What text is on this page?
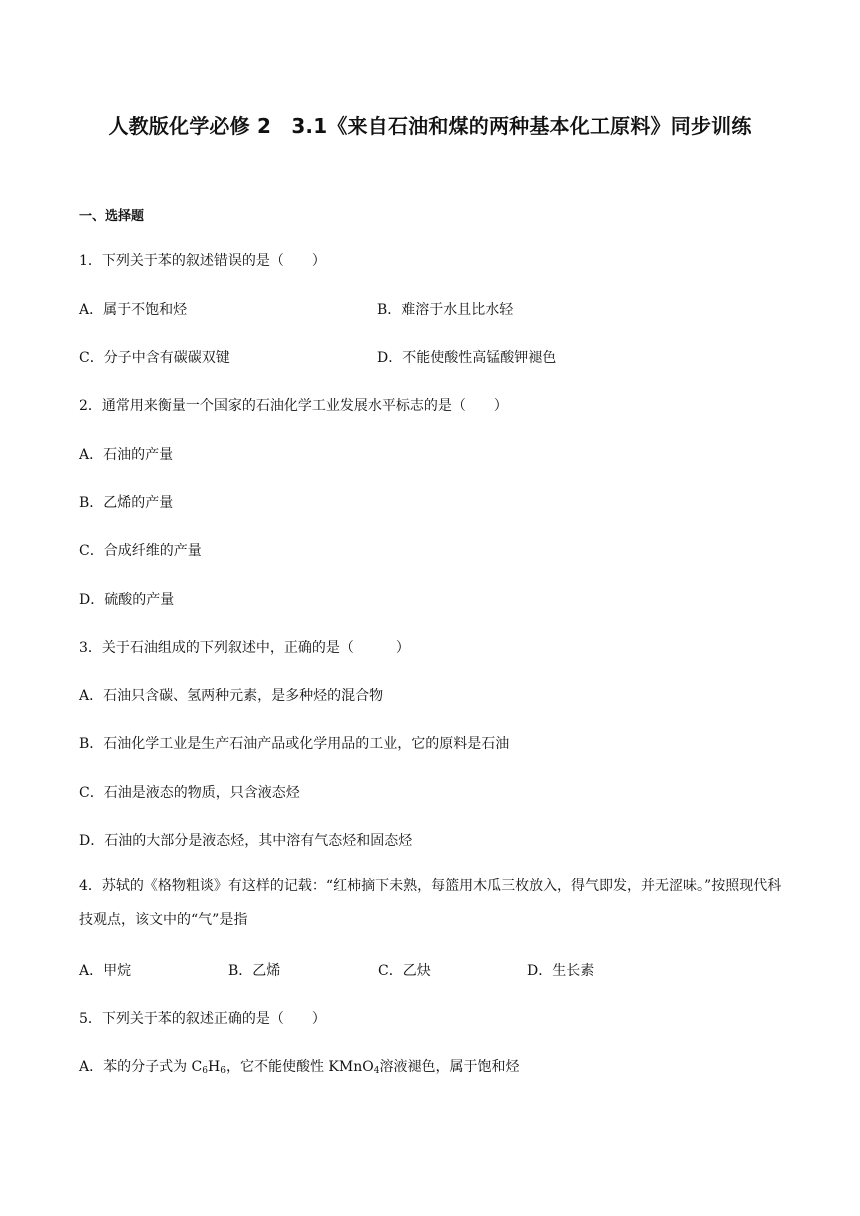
人教版化学必修 2　3.1《来自石油和煤的两种基本化工原料》同步训练
一、选择题
1．下列关于苯的叙述错误的是（　　）
A．属于不饱和烃	B．难溶于水且比水轻
C．分子中含有碳碳双键	D．不能使酸性高锰酸钾褪色
2．通常用来衡量一个国家的石油化学工业发展水平标志的是（　　）
A．石油的产量
B．乙烯的产量
C．合成纤维的产量
D．硫酸的产量
3．关于石油组成的下列叙述中，正确的是（　　　）
A．石油只含碳、氢两种元素，是多种烃的混合物
B．石油化学工业是生产石油产品或化学用品的工业，它的原料是石油
C．石油是液态的物质，只含液态烃
D．石油的大部分是液态烃，其中溶有气态烃和固态烃
4．苏轼的《格物粗谈》有这样的记载：“红柿摘下未熟，每篮用木瓜三枚放入，得气即发，并无涩味。”按照现代科技观点，该文中的“气”是指
A．甲烷	B．乙烯	C．乙炔	D．生长素
5．下列关于苯的叙述正确的是（　　）
A．苯的分子式为 $C_6H_6$，它不能使酸性 KMnO$_4$溶液褪色，属于饱和烃
